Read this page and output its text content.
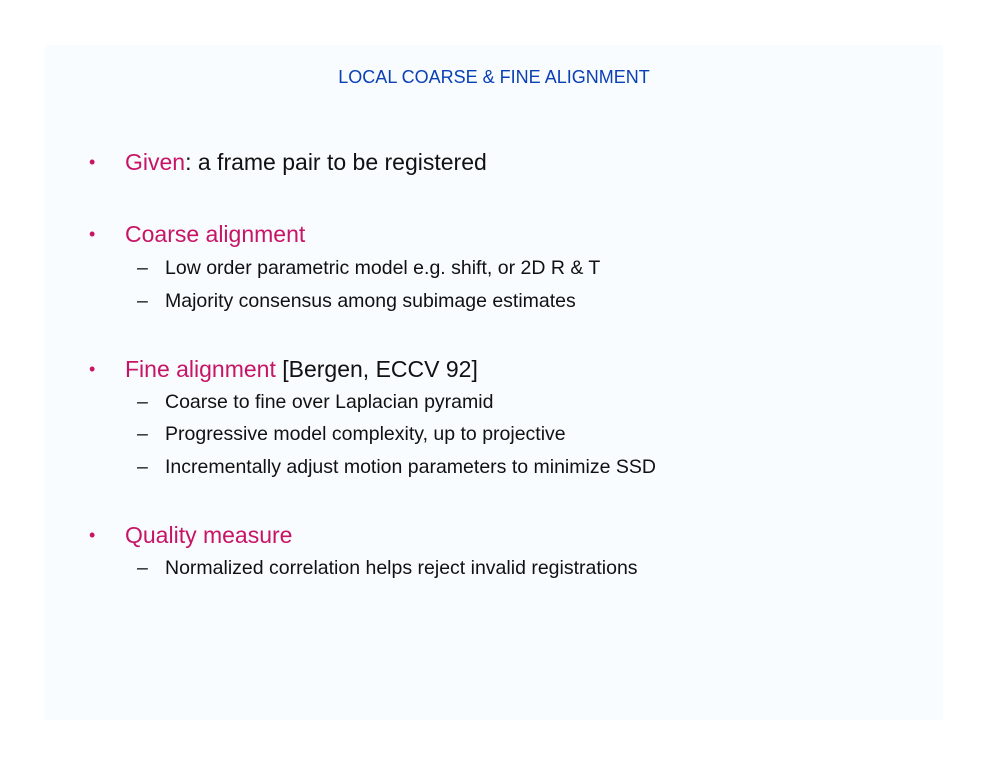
LOCAL COARSE & FINE ALIGNMENT
• Given: a frame pair to be registered
• Coarse alignment
– Low order parametric model e.g. shift, or 2D R & T
– Majority consensus among subimage estimates
• Fine alignment [Bergen, ECCV 92]
– Coarse to fine over Laplacian pyramid
– Progressive model complexity, up to projective
– Incrementally adjust motion parameters to minimize SSD
• Quality measure
– Normalized correlation helps reject invalid registrations
